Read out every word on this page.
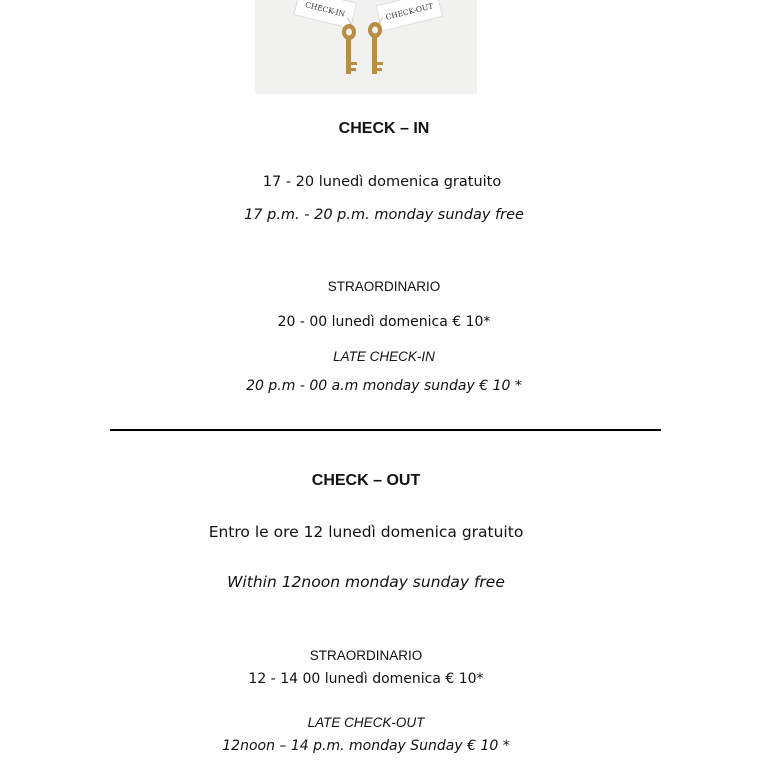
CHECK-IN	CHECK-OUT
CHECK – IN
17 - 20 lunedì domenica gratuito
17 p.m. - 20 p.m. monday sunday free
STRAORDINARIO
20 - 00 lunedì domenica € 10*
LATE CHECK-IN
20 p.m - 00 a.m monday sunday € 10 *
CHECK – OUT
Entro le ore 12 lunedì domenica gratuito
Within 12noon monday sunday free
STRAORDINARIO
12 - 14 00 lunedì domenica € 10*
LATE CHECK-OUT
12noon – 14 p.m. monday Sunday € 10 *
